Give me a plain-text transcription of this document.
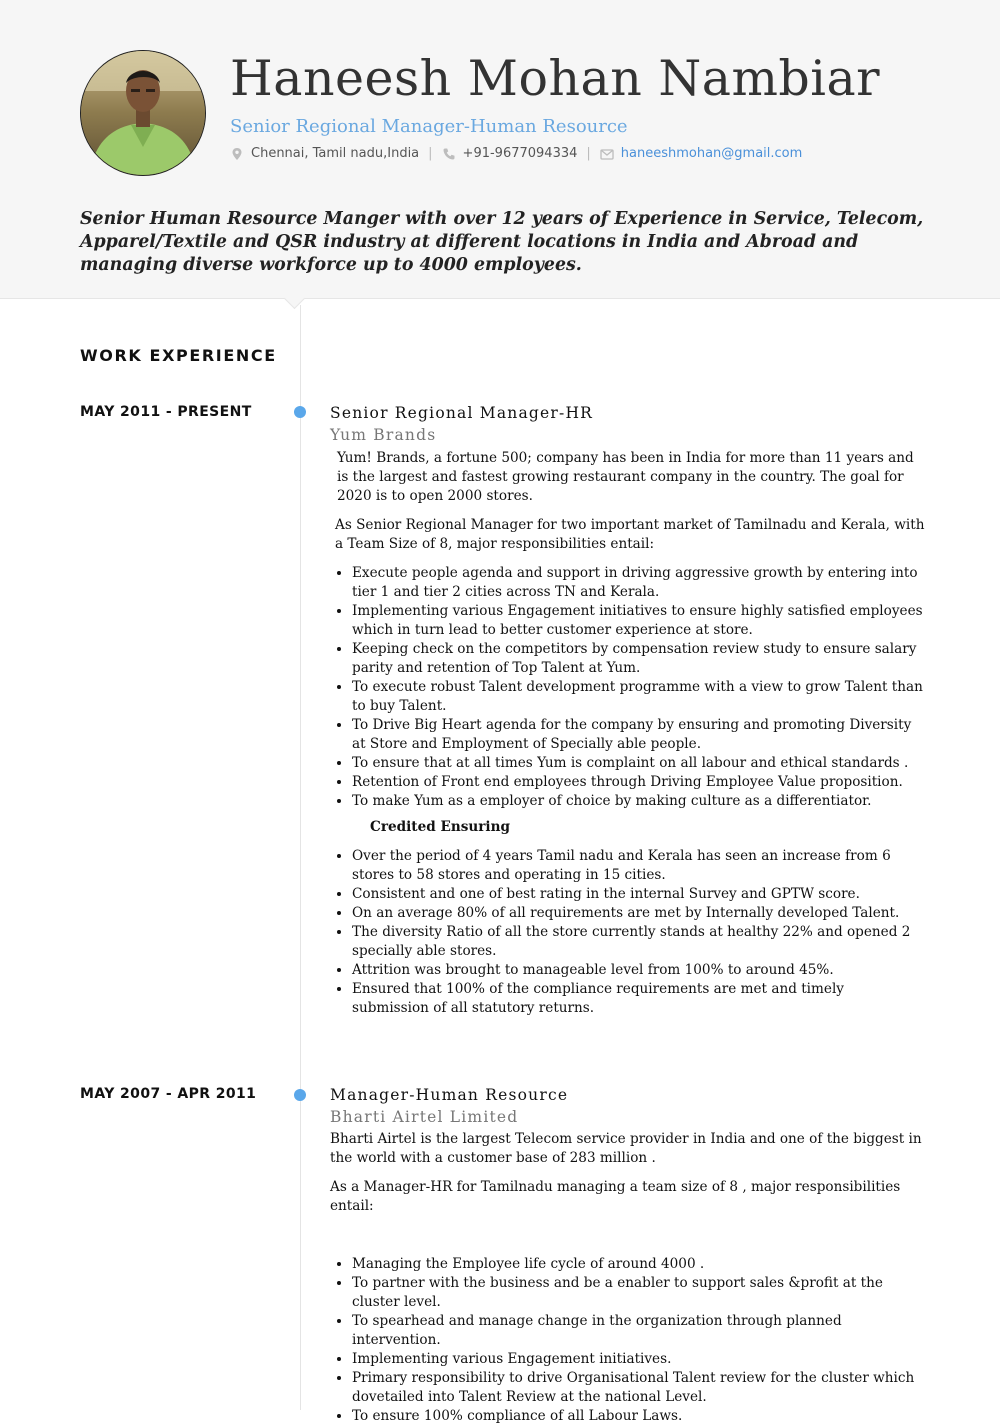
Haneesh Mohan Nambiar
Senior Regional Manager-Human Resource
Chennai, Tamil nadu,India | +91-9677094334 | haneeshmohan@gmail.com

Senior Human Resource Manger with over 12 years of Experience in Service, Telecom, Apparel/Textile and QSR industry at different locations in India and Abroad and managing diverse workforce up to 4000 employees.

WORK EXPERIENCE
MAY 2011 - PRESENT	Senior Regional Manager-HR
Yum Brands

Yum! Brands, a fortune 500; company has been in India for more than 11 years and is the largest and fastest growing restaurant company in the country. The goal for 2020 is to open 2000 stores.

As Senior Regional Manager for two important market of Tamilnadu and Kerala, with a Team Size of 8, major responsibilities entail:

• Execute people agenda and support in driving aggressive growth by entering into tier 1 and tier 2 cities across TN and Kerala.
• Implementing various Engagement initiatives to ensure highly satisfied employees which in turn lead to better customer experience at store.
• Keeping check on the competitors by compensation review study to ensure salary parity and retention of Top Talent at Yum.
• To execute robust Talent development programme with a view to grow Talent than to buy Talent.
• To Drive Big Heart agenda for the company by ensuring and promoting Diversity at Store and Employment of Specially able people.
• To ensure that at all times Yum is complaint on all labour and ethical standards .
• Retention of Front end employees through Driving Employee Value proposition.
• To make Yum as a employer of choice by making culture as a differentiator.
Credited Ensuring
• Over the period of 4 years Tamil nadu and Kerala has seen an increase from 6 stores to 58 stores and operating in 15 cities.
• Consistent and one of best rating in the internal Survey and GPTW score.
• On an average 80% of all requirements are met by Internally developed Talent.
• The diversity Ratio of all the store currently stands at healthy 22% and opened 2 specially able stores.
• Attrition was brought to manageable level from 100% to around 45%.
• Ensured that 100% of the compliance requirements are met and timely submission of all statutory returns.
MAY 2007 - APR 2011	Manager-Human Resource
Bharti Airtel Limited

Bharti Airtel is the largest Telecom service provider in India and one of the biggest in the world with a customer base of 283 million .

As a Manager-HR for Tamilnadu managing a team size of 8 , major responsibilities entail:

• Managing the Employee life cycle of around 4000 .
• To partner with the business and be a enabler to support sales &profit at the cluster level.
• To spearhead and manage change in the organization through planned intervention.
• Implementing various Engagement initiatives.
• Primary responsibility to drive Organisational Talent review for the cluster which dovetailed into Talent Review at the national Level.
• To ensure 100% compliance of all Labour Laws.
